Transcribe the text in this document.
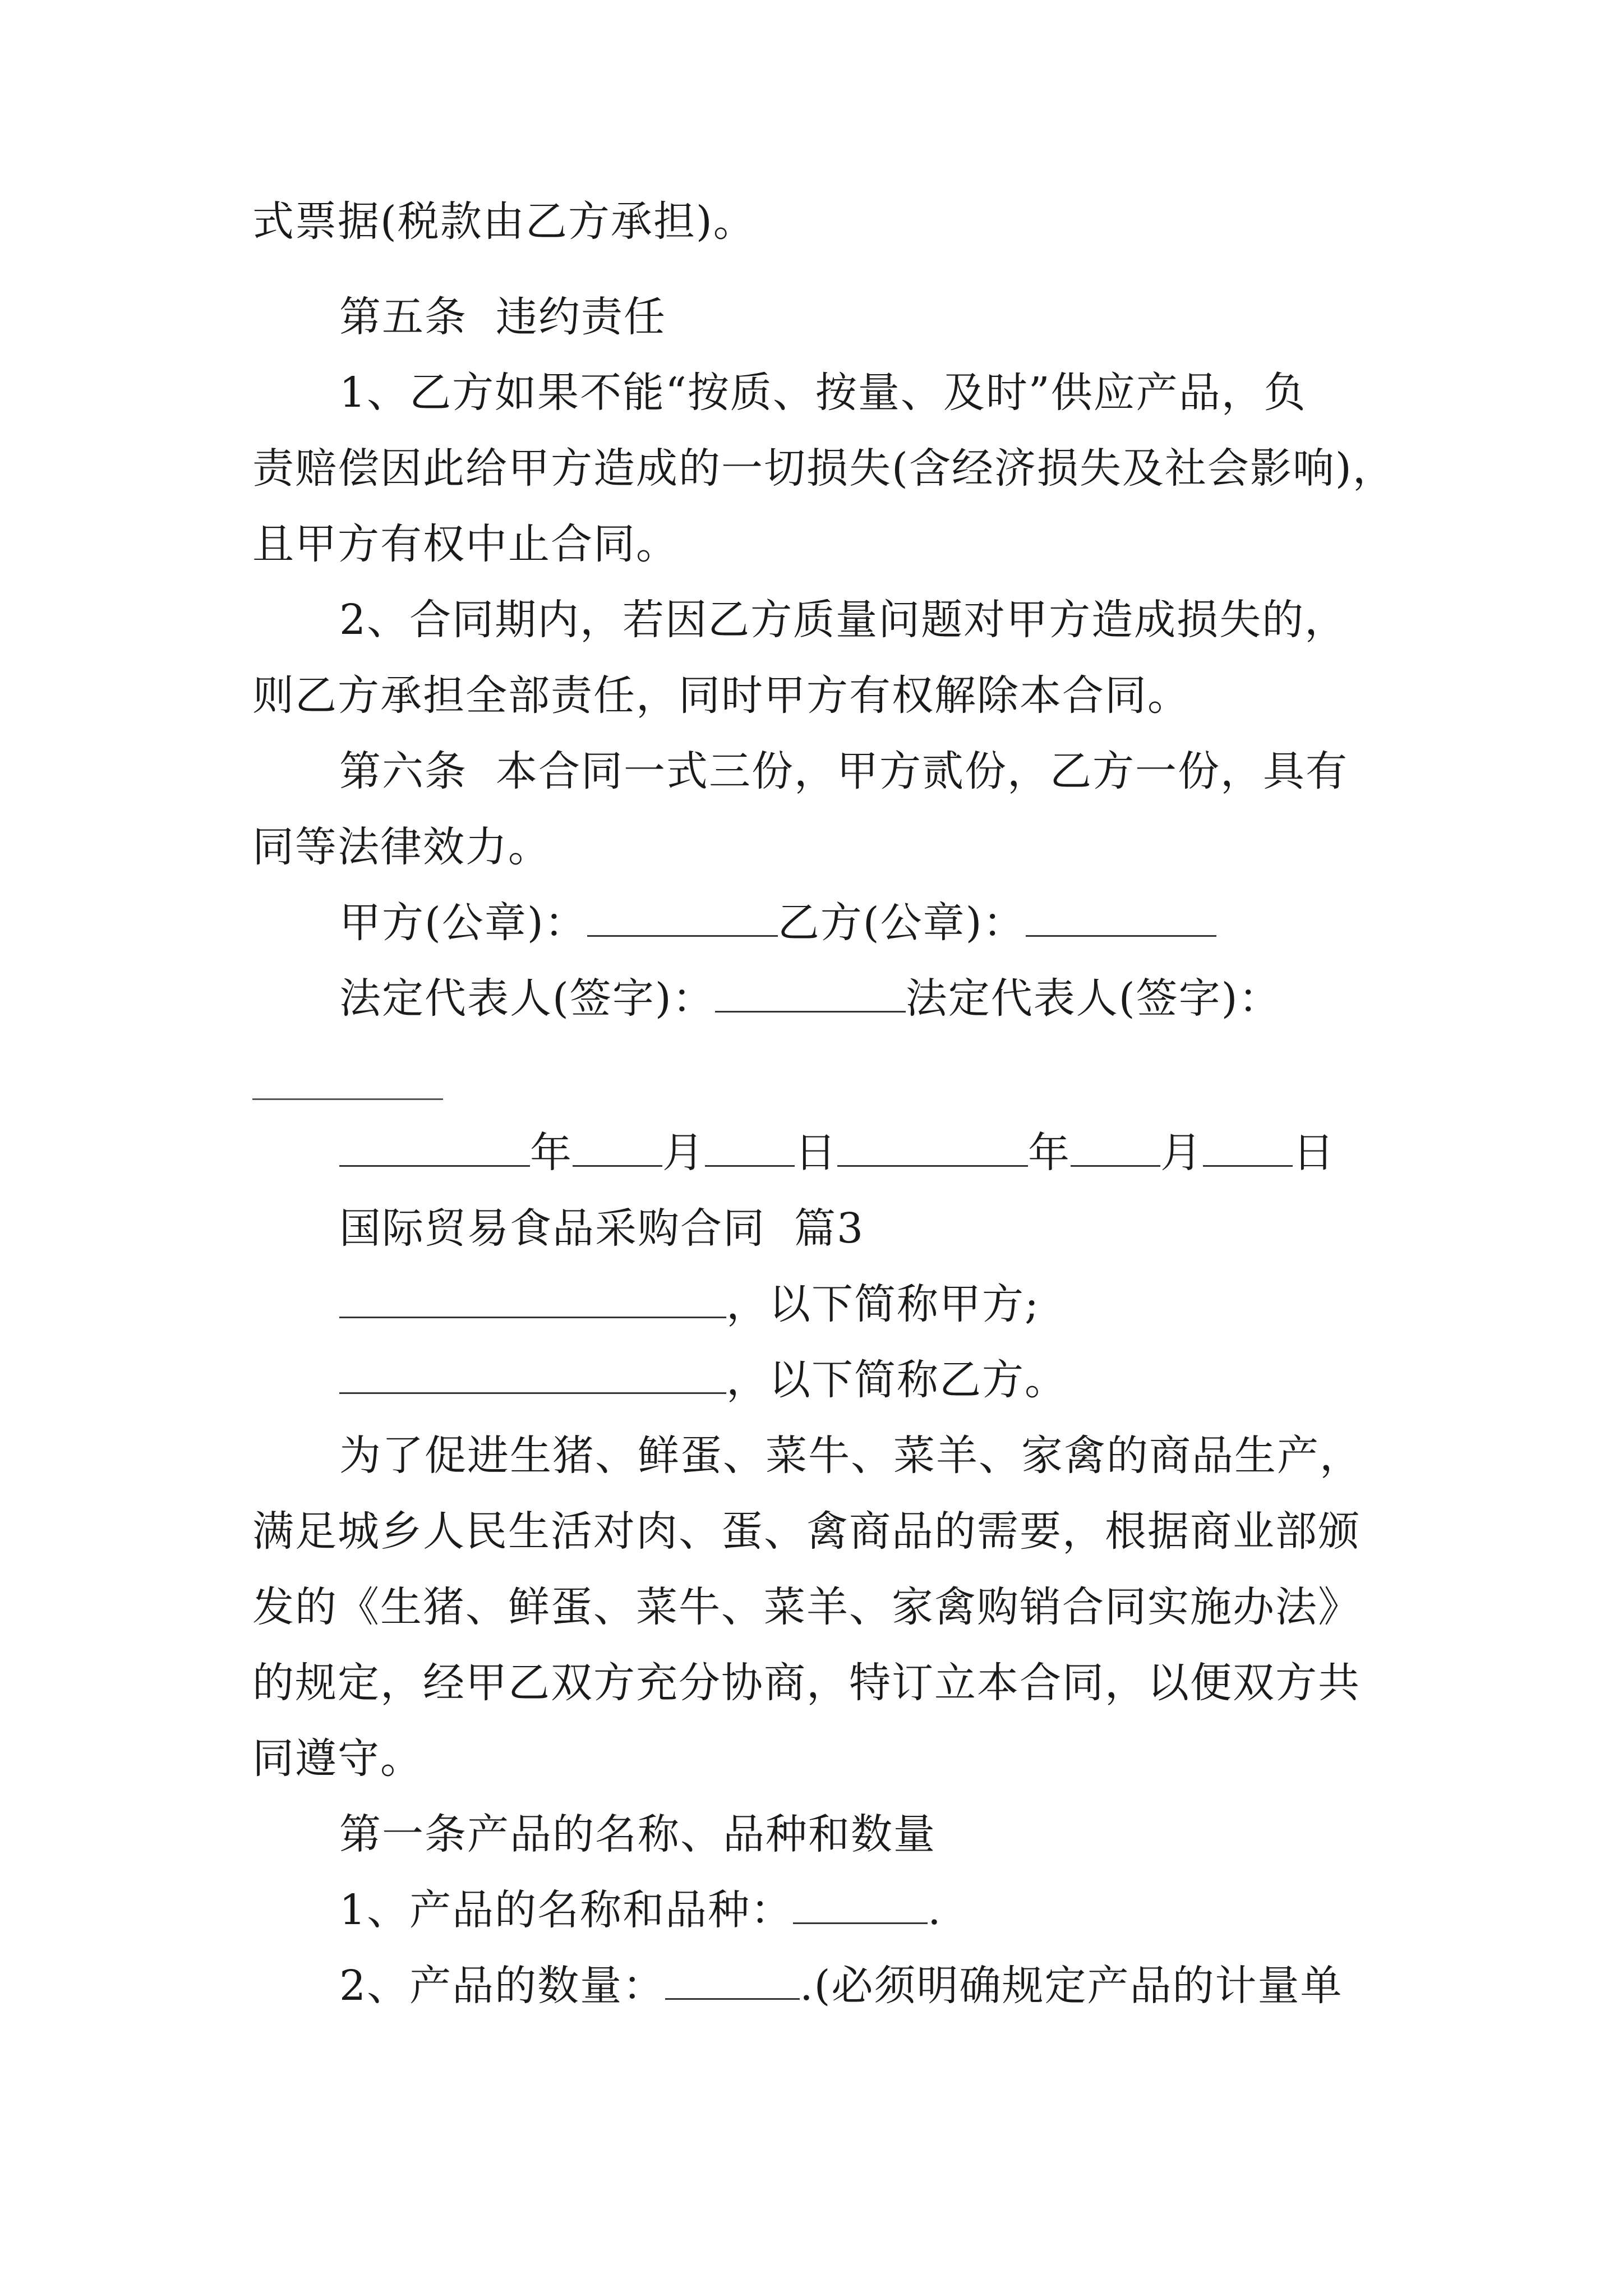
式票据(税款由乙方承担)。
第五条  违约责任
1、乙方如果不能“按质、按量、及时”供应产品，负
责赔偿因此给甲方造成的一切损失(含经济损失及社会影响)，
且甲方有权中止合同。
2、合同期内，若因乙方质量问题对甲方造成损失的，
则乙方承担全部责任，同时甲方有权解除本合同。
第六条  本合同一式三份，甲方贰份，乙方一份，具有
同等法律效力。
甲方(公章)：	乙方(公章)：
法定代表人(签字)：	法定代表人(签字)：
年 月 日	年 月 日
国际贸易食品采购合同  篇3
，以下简称甲方;
，以下简称乙方。
为了促进生猪、鲜蛋、菜牛、菜羊、家禽的商品生产，
满足城乡人民生活对肉、蛋、禽商品的需要，根据商业部颁
发的《生猪、鲜蛋、菜牛、菜羊、家禽购销合同实施办法》
的规定，经甲乙双方充分协商，特订立本合同，以便双方共
同遵守。
第一条产品的名称、品种和数量
1、产品的名称和品种：	.
2、产品的数量：	.(必须明确规定产品的计量单
